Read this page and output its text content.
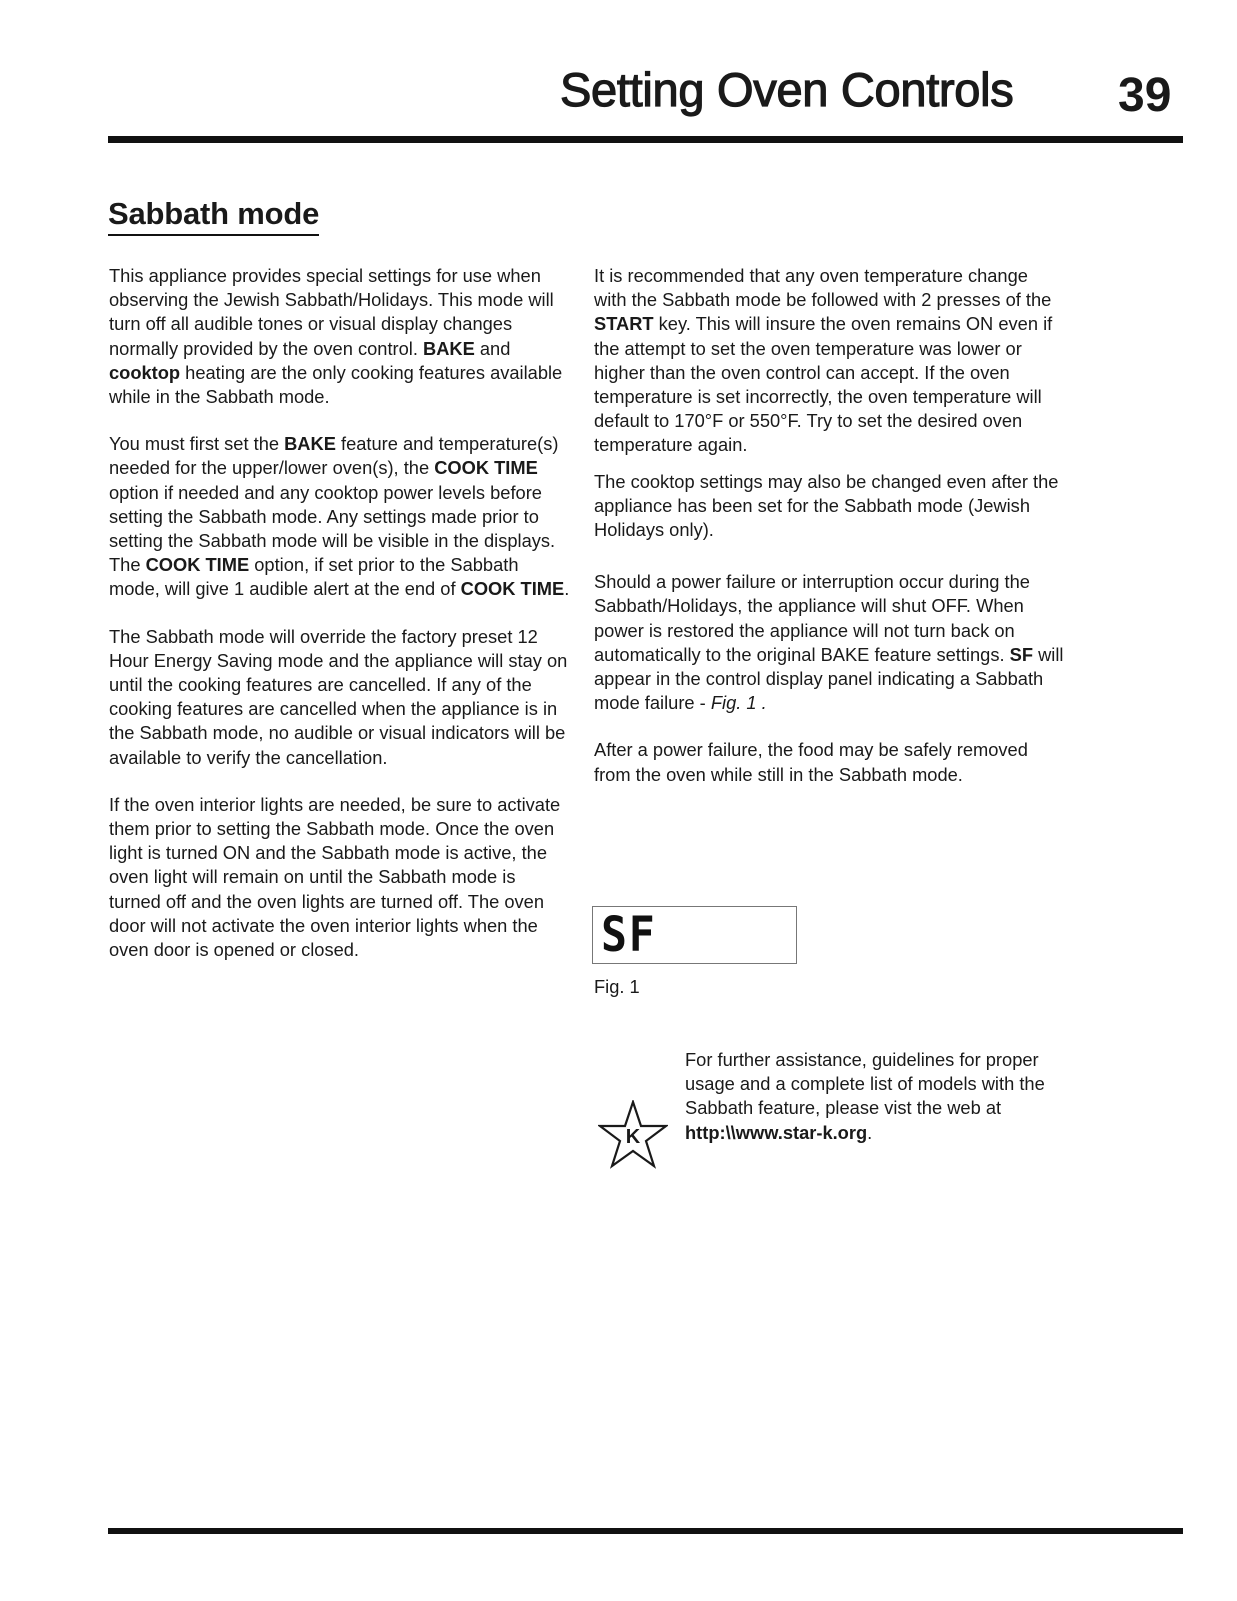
Setting Oven Controls 39
Sabbath mode

This appliance provides special settings for use when observing the Jewish Sabbath/Holidays. This mode will turn off all audible tones or visual display changes normally provided by the oven control. BAKE and cooktop heating are the only cooking features available while in the Sabbath mode.

You must first set the BAKE feature and temperature(s) needed for the upper/lower oven(s), the COOK TIME option if needed and any cooktop power levels before setting the Sabbath mode. Any settings made prior to setting the Sabbath mode will be visible in the displays. The COOK TIME option, if set prior to the Sabbath mode, will give 1 audible alert at the end of COOK TIME.

The Sabbath mode will override the factory preset 12 Hour Energy Saving mode and the appliance will stay on until the cooking features are cancelled. If any of the cooking features are cancelled when the appliance is in the Sabbath mode, no audible or visual indicators will be available to verify the cancellation.

If the oven interior lights are needed, be sure to activate them prior to setting the Sabbath mode. Once the oven light is turned ON and the Sabbath mode is active, the oven light will remain on until the Sabbath mode is turned off and the oven lights are turned off. The oven door will not activate the oven interior lights when the oven door is opened or closed.

It is recommended that any oven temperature change with the Sabbath mode be followed with 2 presses of the START key. This will insure the oven remains ON even if the attempt to set the oven temperature was lower or higher than the oven control can accept. If the oven temperature is set incorrectly, the oven temperature will default to 170°F or 550°F. Try to set the desired oven temperature again.

The cooktop settings may also be changed even after the appliance has been set for the Sabbath mode (Jewish Holidays only).

Should a power failure or interruption occur during the Sabbath/Holidays, the appliance will shut OFF. When power is restored the appliance will not turn back on automatically to the original BAKE feature settings. SF will appear in the control display panel indicating a Sabbath mode failure - Fig. 1 .

After a power failure, the food may be safely removed from the oven while still in the Sabbath mode.

SF
Fig. 1
K

For further assistance, guidelines for proper usage and a complete list of models with the Sabbath feature, please vist the web at

http:\\www.star-k.org.
